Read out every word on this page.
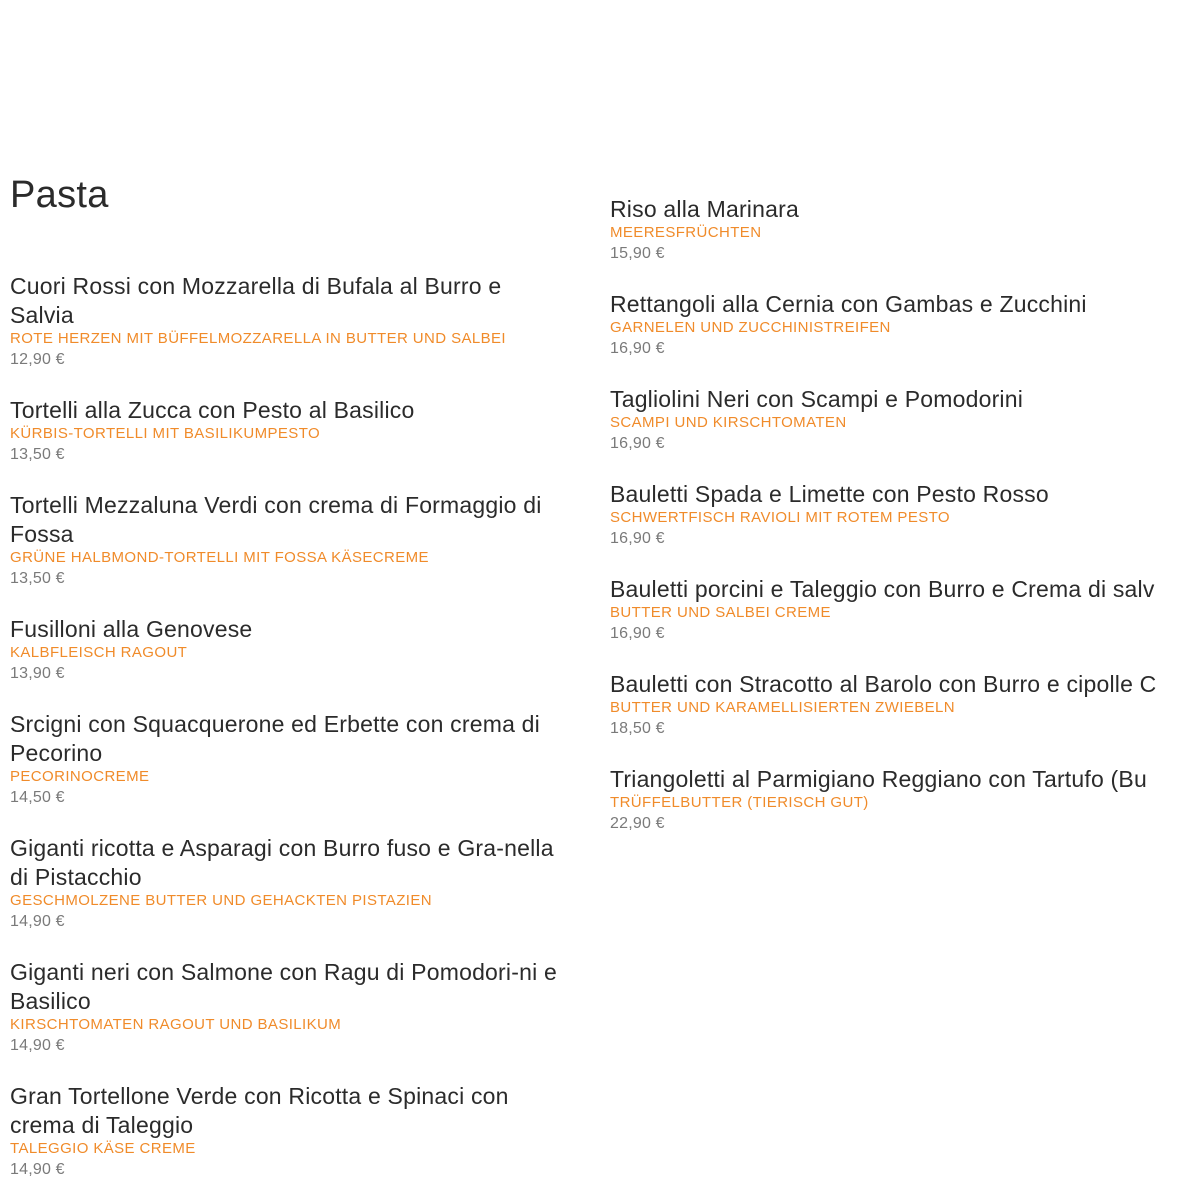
Pasta
Cuori Rossi con Mozzarella di Bufala al Burro e Salvia
ROTE HERZEN MIT BÜFFELMOZZARELLA IN BUTTER UND SALBEI
12,90 €
Tortelli alla Zucca con Pesto al Basilico
KÜRBIS-TORTELLI MIT BASILIKUMPESTO
13,50 €
Tortelli Mezzaluna Verdi con crema di Formaggio di Fossa
GRÜNE HALBMOND-TORTELLI MIT FOSSA KÄSECREME
13,50 €
Fusilloni alla Genovese
KALBFLEISCH RAGOUT
13,90 €
Srcigni con Squacquerone ed Erbette con crema di Pecorino
PECORINOCREME
14,50 €
Giganti ricotta e Asparagi con Burro fuso e Gra-nella di Pistacchio
GESCHMOLZENE BUTTER UND GEHACKTEN PISTAZIEN
14,90 €
Giganti neri con Salmone con Ragu di Pomodori-ni e Basilico
KIRSCHTOMATEN RAGOUT UND BASILIKUM
14,90 €
Gran Tortellone Verde con Ricotta e Spinaci con crema di Taleggio
TALEGGIO KÄSE CREME
14,90 €
Riso alla Marinara
MEERESFRÜCHTEN
15,90 €
Rettangoli alla Cernia con Gambas e Zucchini
GARNELEN UND ZUCCHINISTREIFEN
16,90 €
Tagliolini Neri con Scampi e Pomodorini
SCAMPI UND KIRSCHTOMATEN
16,90 €
Bauletti Spada e Limette con Pesto Rosso
SCHWERTFISCH RAVIOLI MIT ROTEM PESTO
16,90 €
Bauletti porcini e Taleggio con Burro e Crema di salv
BUTTER UND SALBEI CREME
16,90 €
Bauletti con Stracotto al Barolo con Burro e cipolle C
BUTTER UND KARAMELLISIERTEN ZWIEBELN
18,50 €
Triangoletti al Parmigiano Reggiano con Tartufo (Bu
TRÜFFELBUTTER (TIERISCH GUT)
22,90 €
